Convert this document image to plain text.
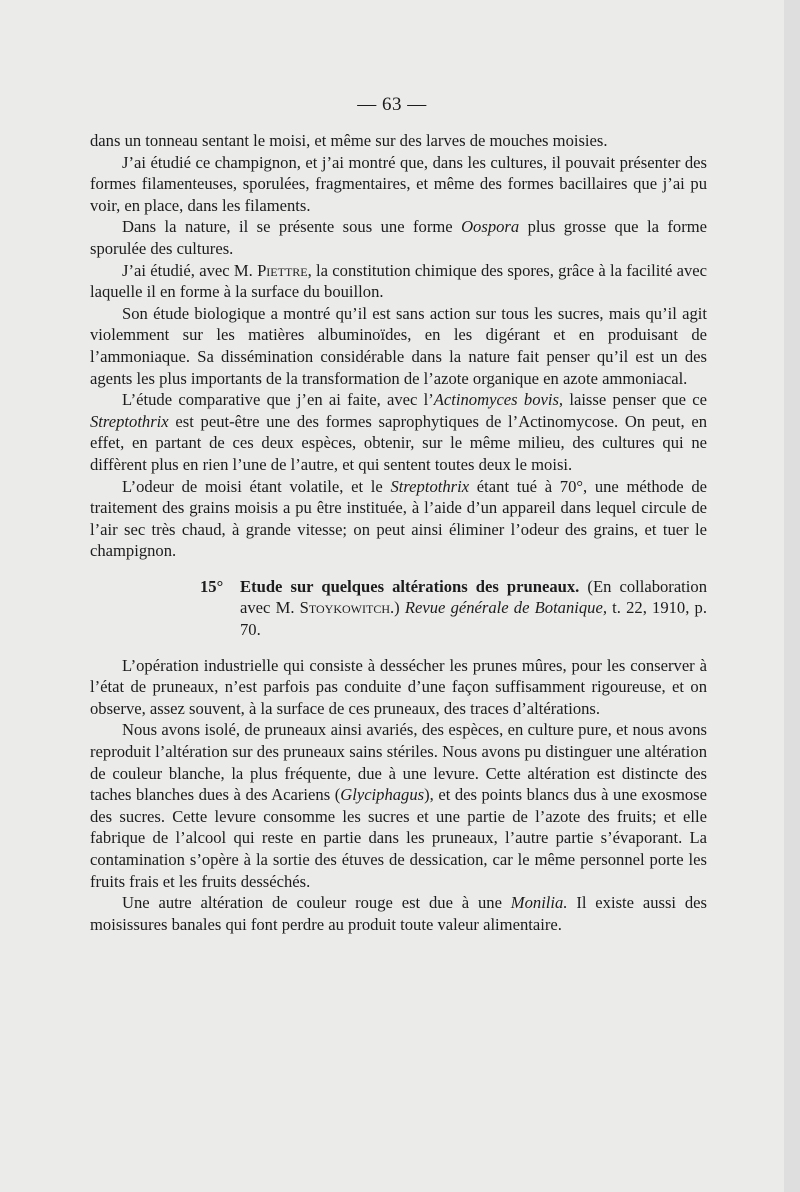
— 63 —

dans un tonneau sentant le moisi, et même sur des larves de mouches moisies.

J’ai étudié ce champignon, et j’ai montré que, dans les cultures, il pouvait présenter des formes filamenteuses, sporulées, fragmentaires, et même des formes bacillaires que j’ai pu voir, en place, dans les filaments.

Dans la nature, il se présente sous une forme Oospora plus grosse que la forme sporulée des cultures.

J’ai étudié, avec M. Piettre, la constitution chimique des spores, grâce à la facilité avec laquelle il en forme à la surface du bouillon.

Son étude biologique a montré qu’il est sans action sur tous les sucres, mais qu’il agit violemment sur les matières albuminoïdes, en les digérant et en produisant de l’ammoniaque. Sa dissémination considérable dans la nature fait penser qu’il est un des agents les plus importants de la transformation de l’azote organique en azote ammoniacal.

L’étude comparative que j’en ai faite, avec l’Actinomyces bovis, laisse penser que ce Streptothrix est peut-être une des formes saprophytiques de l’Actinomycose. On peut, en effet, en partant de ces deux espèces, obtenir, sur le même milieu, des cultures qui ne diffèrent plus en rien l’une de l’autre, et qui sentent toutes deux le moisi.

L’odeur de moisi étant volatile, et le Streptothrix étant tué à 70°, une méthode de traitement des grains moisis a pu être instituée, à l’aide d’un appareil dans lequel circule de l’air sec très chaud, à grande vitesse; on peut ainsi éliminer l’odeur des grains, et tuer le champignon.

15°	Etude sur quelques altérations des pruneaux. (En collaboration avec M. Stoykowitch.) Revue générale de Botanique, t. 22, 1910, p. 70.

L’opération industrielle qui consiste à dessécher les prunes mûres, pour les conserver à l’état de pruneaux, n’est parfois pas conduite d’une façon suffisamment rigoureuse, et on observe, assez souvent, à la surface de ces pruneaux, des traces d’altérations.

Nous avons isolé, de pruneaux ainsi avariés, des espèces, en culture pure, et nous avons reproduit l’altération sur des pruneaux sains stériles. Nous avons pu distinguer une altération de couleur blanche, la plus fréquente, due à une levure. Cette altération est distincte des taches blanches dues à des Acariens (Glyciphagus), et des points blancs dus à une exosmose des sucres. Cette levure consomme les sucres et une partie de l’azote des fruits; et elle fabrique de l’alcool qui reste en partie dans les pruneaux, l’autre partie s’évaporant. La contamination s’opère à la sortie des étuves de dessication, car le même personnel porte les fruits frais et les fruits desséchés.

Une autre altération de couleur rouge est due à une Monilia. Il existe aussi des moisissures banales qui font perdre au produit toute valeur alimentaire.
